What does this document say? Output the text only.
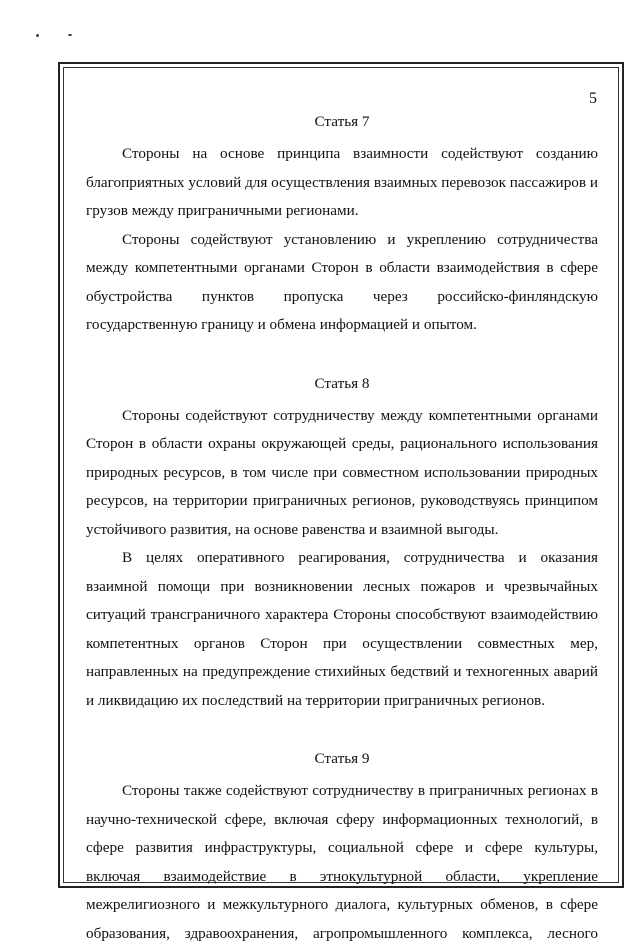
5
Статья 7

Стороны на основе принципа взаимности содействуют созданию благоприятных условий для осуществления взаимных перевозок пассажиров и грузов между приграничными регионами.

Стороны содействуют установлению и укреплению сотрудничества между компетентными органами Сторон в области взаимодействия в сфере обустройства пунктов пропуска через российско-финляндскую государственную границу и обмена информацией и опытом.

Статья 8

Стороны содействуют сотрудничеству между компетентными органами Сторон в области охраны окружающей среды, рационального использования природных ресурсов, в том числе при совместном использовании природных ресурсов, на территории приграничных регионов, руководствуясь принципом устойчивого развития, на основе равенства и взаимной выгоды.

В целях оперативного реагирования, сотрудничества и оказания взаимной помощи при возникновении лесных пожаров и чрезвычайных ситуаций трансграничного характера Стороны способствуют взаимодействию компетентных органов Сторон при осуществлении совместных мер, направленных на предупреждение стихийных бедствий и техногенных аварий и ликвидацию их последствий на территории приграничных регионов.

Статья 9

Стороны также содействуют сотрудничеству в приграничных регионах в научно-технической сфере, включая сферу информационных технологий, в сфере развития инфраструктуры, социальной сфере и сфере культуры, включая взаимодействие в этнокультурной области, укрепление межрелигиозного и межкультурного диалога, культурных обменов, в сфере образования, здравоохранения, агропромышленного комплекса, лесного
